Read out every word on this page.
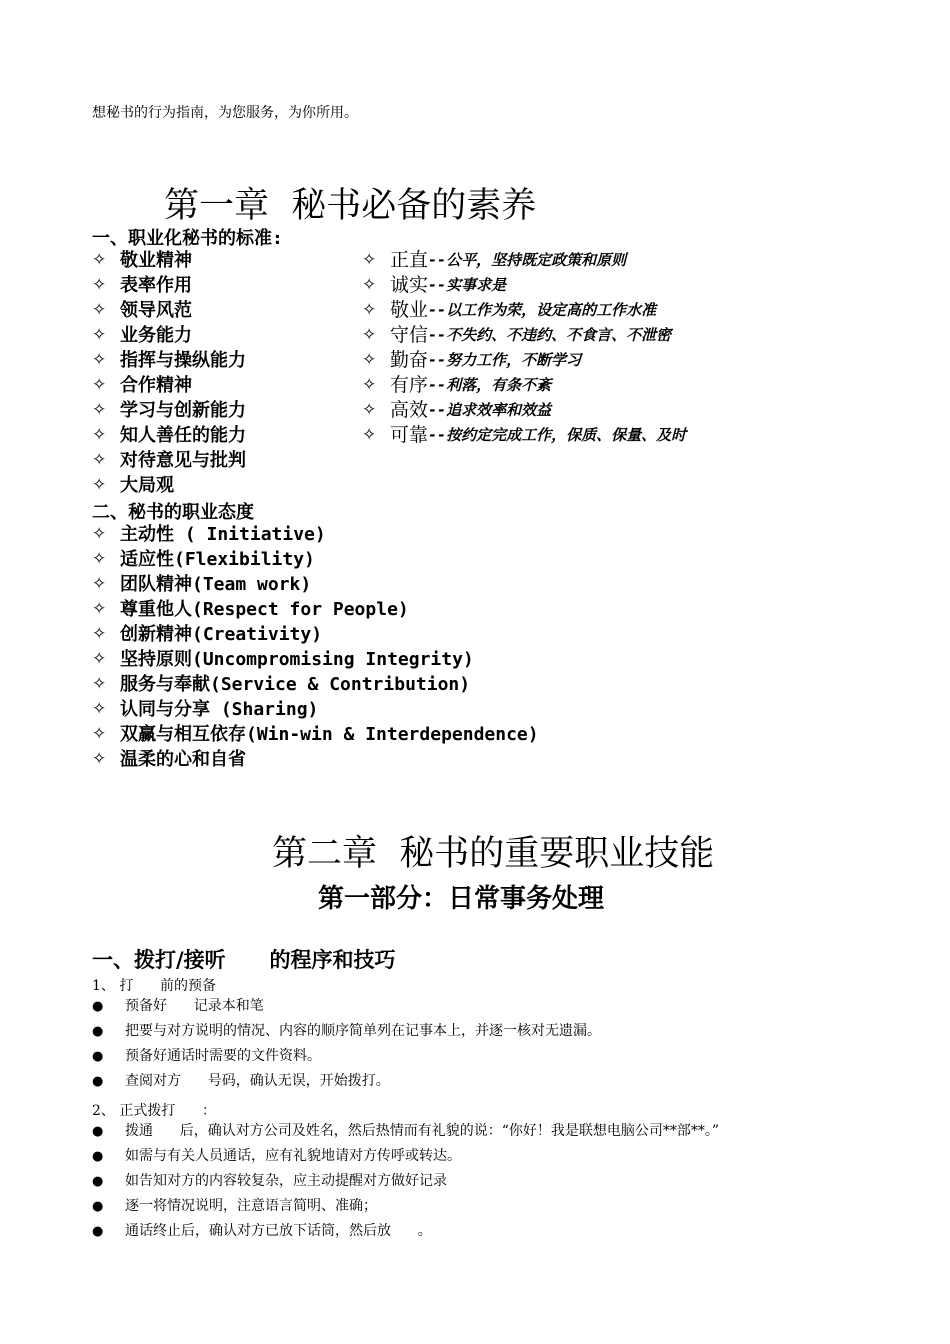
想秘书的行为指南，为您服务，为你所用。
第一章  秘书必备的素养
一、职业化秘书的标准:
✧ 敬业精神
✧ 表率作用
✧ 领导风范
✧ 业务能力
✧ 指挥与操纵能力
✧ 合作精神
✧ 学习与创新能力
✧ 知人善任的能力
✧ 对待意见与批判
✧ 大局观
✧ 正直 --公平，坚持既定政策和原则
✧ 诚实 --实事求是
✧ 敬业 --以工作为荣，设定高的工作水准
✧ 守信 --不失约、不违约、不食言、不泄密
✧ 勤奋 --努力工作，不断学习
✧ 有序 --利落，有条不紊
✧ 高效 --追求效率和效益
✧ 可靠 --按约定完成工作，保质、保量、及时
二、秘书的职业态度
✧ 主动性 ( Initiative)
✧ 适应性(Flexibility)
✧ 团队精神(Team work)
✧ 尊重他人(Respect for People)
✧ 创新精神(Creativity)
✧ 坚持原则(Uncompromising Integrity)
✧ 服务与奉献(Service & Contribution)
✧ 认同与分享 (Sharing)
✧ 双赢与相互依存(Win-win & Interdependence)
✧ 温柔的心和自省
第二章  秘书的重要职业技能
第一部分：日常事务处理
一、拨打/接听      的程序和技巧
1、 打      前的预备
●	预备好      记录本和笔
●	把要与对方说明的情况、内容的顺序简单列在记事本上，并逐一核对无遗漏。
●	预备好通话时需要的文件资料。
●	查阅对方      号码，确认无误，开始拨打。
2、 正式拨打      ：
●	拨通      后，确认对方公司及姓名，然后热情而有礼貌的说：“你好！我是联想电脑公司**部**。”
●	如需与有关人员通话，应有礼貌地请对方传呼或转达。
●	如告知对方的内容较复杂，应主动提醒对方做好记录
●	逐一将情况说明，注意语言简明、准确；
●	通话终止后，确认对方已放下话筒，然后放      。
